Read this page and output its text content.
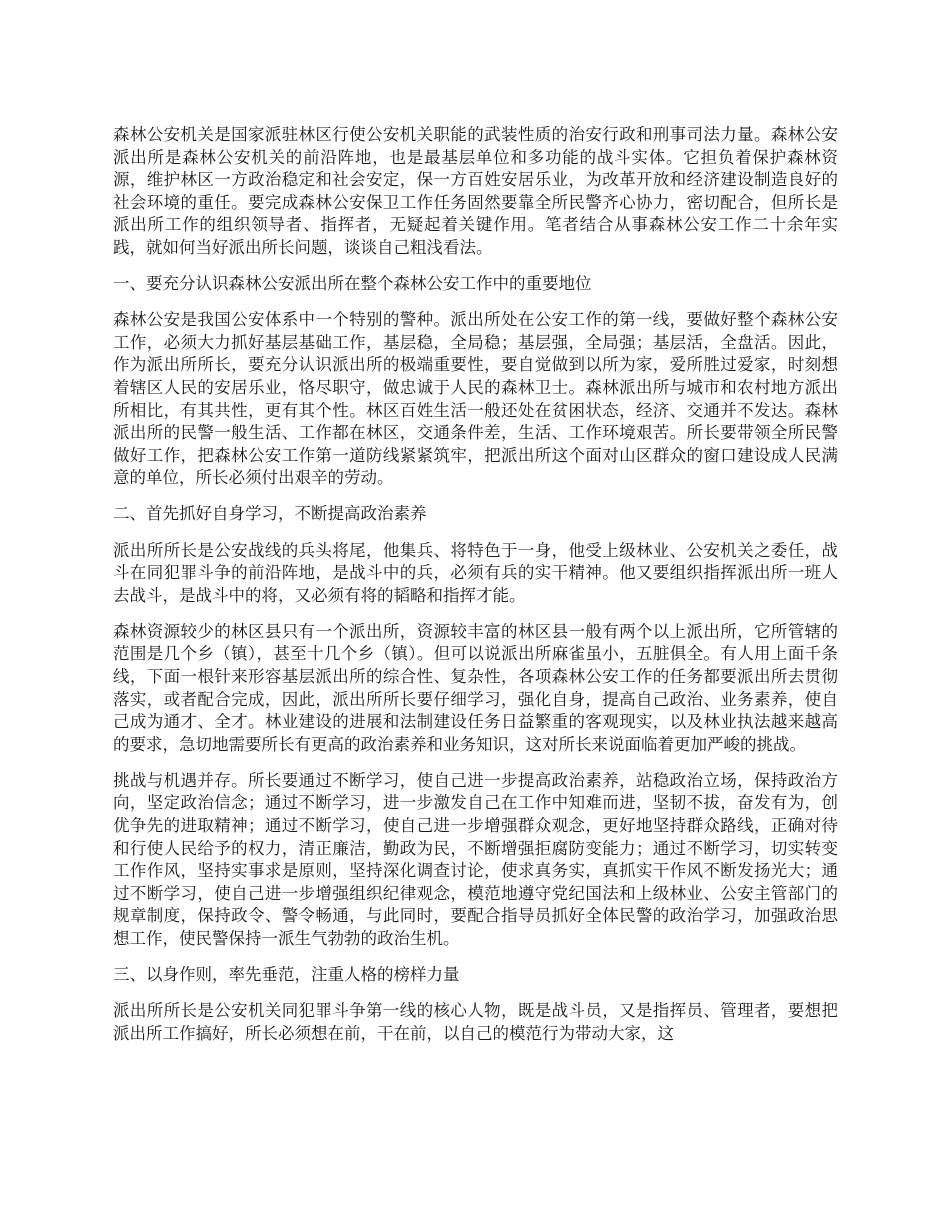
森林公安机关是国家派驻林区行使公安机关职能的武装性质的治安行政和刑事司法力量。森林公安派出所是森林公安机关的前沿阵地，也是最基层单位和多功能的战斗实体。它担负着保护森林资源，维护林区一方政治稳定和社会安定，保一方百姓安居乐业，为改革开放和经济建设制造良好的社会环境的重任。要完成森林公安保卫工作任务固然要靠全所民警齐心协力，密切配合，但所长是派出所工作的组织领导者、指挥者，无疑起着关键作用。笔者结合从事森林公安工作二十余年实践，就如何当好派出所长问题，谈谈自己粗浅看法。

一、要充分认识森林公安派出所在整个森林公安工作中的重要地位

森林公安是我国公安体系中一个特别的警种。派出所处在公安工作的第一线，要做好整个森林公安工作，必须大力抓好基层基础工作，基层稳，全局稳；基层强，全局强；基层活，全盘活。因此，作为派出所所长，要充分认识派出所的极端重要性，要自觉做到以所为家，爱所胜过爱家，时刻想着辖区人民的安居乐业，恪尽职守，做忠诚于人民的森林卫士。森林派出所与城市和农村地方派出所相比，有其共性，更有其个性。林区百姓生活一般还处在贫困状态，经济、交通并不发达。森林派出所的民警一般生活、工作都在林区，交通条件差，生活、工作环境艰苦。所长要带领全所民警做好工作，把森林公安工作第一道防线紧紧筑牢，把派出所这个面对山区群众的窗口建设成人民满意的单位，所长必须付出艰辛的劳动。

二、首先抓好自身学习，不断提高政治素养

派出所所长是公安战线的兵头将尾，他集兵、将特色于一身，他受上级林业、公安机关之委任，战斗在同犯罪斗争的前沿阵地，是战斗中的兵，必须有兵的实干精神。他又要组织指挥派出所一班人去战斗，是战斗中的将，又必须有将的韬略和指挥才能。

森林资源较少的林区县只有一个派出所，资源较丰富的林区县一般有两个以上派出所，它所管辖的范围是几个乡（镇），甚至十几个乡（镇）。但可以说派出所麻雀虽小，五脏俱全。有人用上面千条线，下面一根针来形容基层派出所的综合性、复杂性，各项森林公安工作的任务都要派出所去贯彻落实，或者配合完成，因此，派出所所长要仔细学习，强化自身，提高自己政治、业务素养，使自己成为通才、全才。林业建设的进展和法制建设任务日益繁重的客观现实，以及林业执法越来越高的要求，急切地需要所长有更高的政治素养和业务知识，这对所长来说面临着更加严峻的挑战。

挑战与机遇并存。所长要通过不断学习，使自己进一步提高政治素养，站稳政治立场，保持政治方向，坚定政治信念；通过不断学习，进一步激发自己在工作中知难而进，坚韧不拔，奋发有为，创优争先的进取精神；通过不断学习，使自己进一步增强群众观念，更好地坚持群众路线，正确对待和行使人民给予的权力，清正廉洁，勤政为民，不断增强拒腐防变能力；通过不断学习，切实转变工作作风，坚持实事求是原则，坚持深化调查讨论，使求真务实，真抓实干作风不断发扬光大；通过不断学习，使自己进一步增强组织纪律观念，模范地遵守党纪国法和上级林业、公安主管部门的规章制度，保持政令、警令畅通，与此同时，要配合指导员抓好全体民警的政治学习，加强政治思想工作，使民警保持一派生气勃勃的政治生机。

三、以身作则，率先垂范，注重人格的榜样力量

派出所所长是公安机关同犯罪斗争第一线的核心人物，既是战斗员，又是指挥员、管理者，要想把派出所工作搞好，所长必须想在前，干在前，以自己的模范行为带动大家，这
